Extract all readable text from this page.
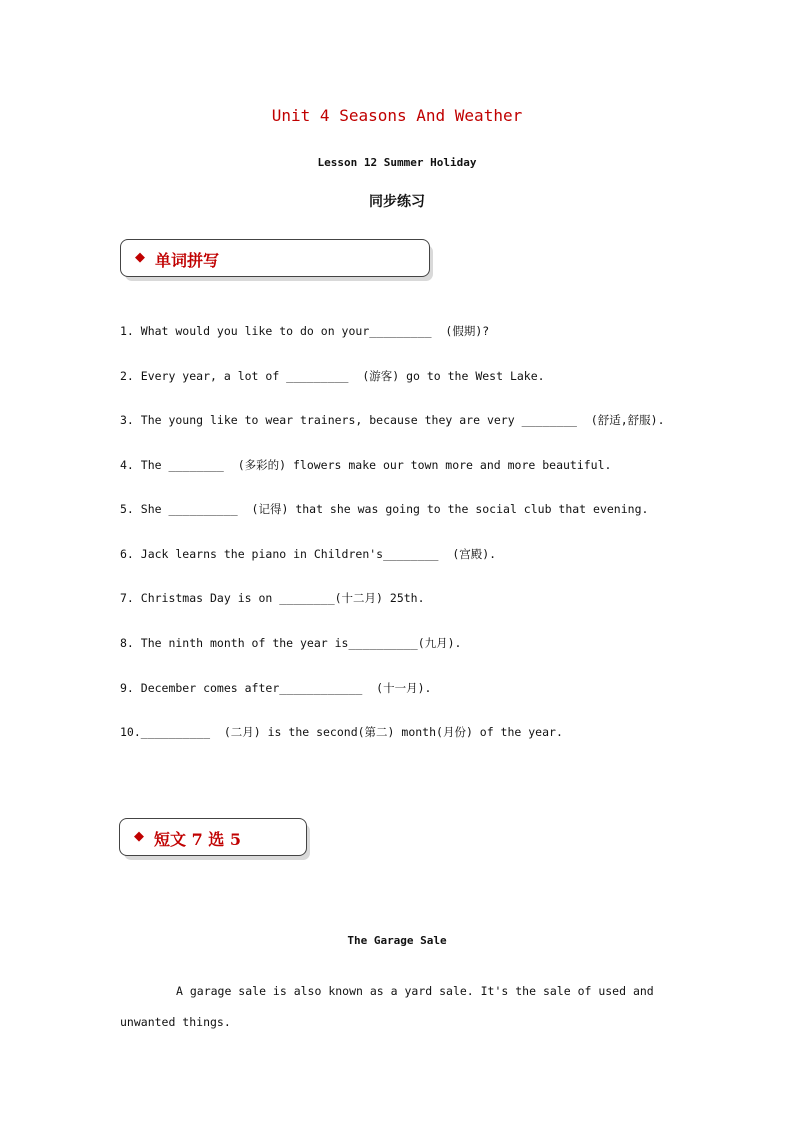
Unit 4 Seasons And Weather
Lesson 12 Summer Holiday
同步练习
◆ 单词拼写
1. What would you like to do on your_________  (假期)?
2. Every year, a lot of _________  (游客) go to the West Lake.
3. The young like to wear trainers, because they are very ________  (舒适,舒服).
4. The ________  (多彩的) flowers make our town more and more beautiful.
5. She __________  (记得) that she was going to the social club that evening.
6. Jack learns the piano in Children's________  (宫殿).
7. Christmas Day is on ________(十二月) 25th.
8. The ninth month of the year is__________(九月).
9. December comes after____________  (十一月).
10.__________  (二月) is the second(第二) month(月份) of the year.
◆ 短文 7 选 5
The Garage Sale
A garage sale is also known as a yard sale. It's the sale of used and unwanted things.
